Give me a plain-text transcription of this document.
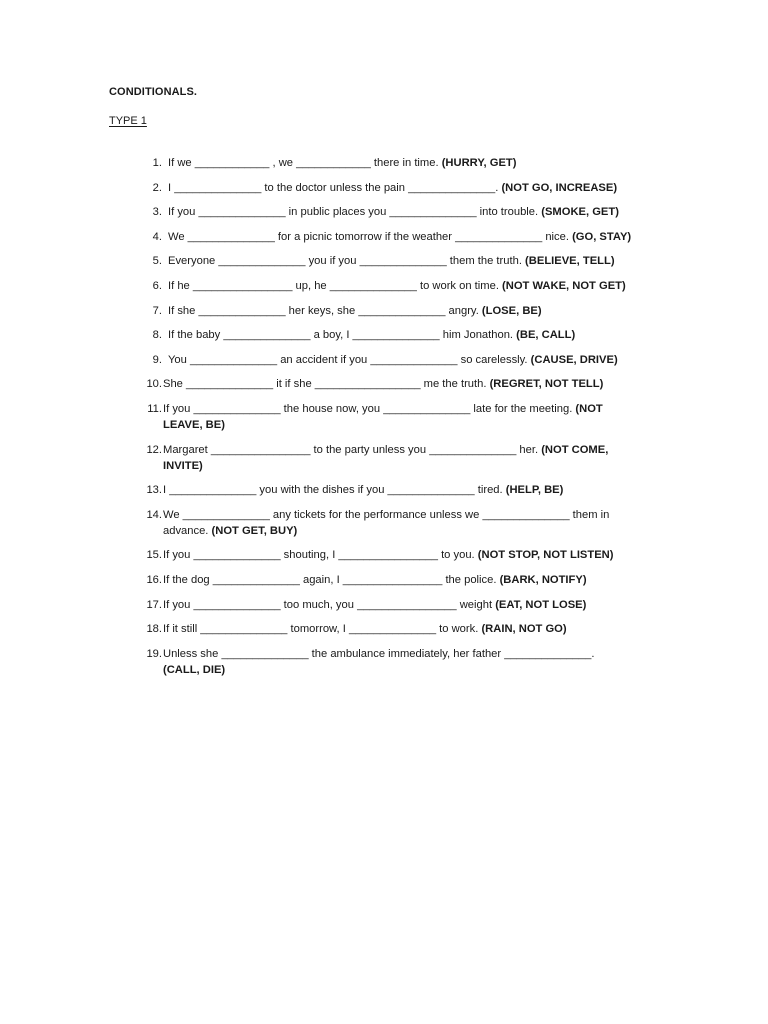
CONDITIONALS.
TYPE 1
1. If we ____________ , we ____________ there in time. (HURRY, GET)
2. I ______________ to the doctor unless the pain ______________. (NOT GO, INCREASE)
3. If you ______________ in public places you ______________ into trouble. (SMOKE, GET)
4. We ______________ for a picnic tomorrow if the weather ______________ nice. (GO, STAY)
5. Everyone ______________ you if you ______________ them the truth. (BELIEVE, TELL)
6. If he ________________ up, he ______________ to work on time. (NOT WAKE, NOT GET)
7. If she ______________ her keys, she ______________ angry. (LOSE, BE)
8. If the baby ______________ a boy, I ______________ him Jonathon. (BE, CALL)
9. You ______________ an accident if you ______________ so carelessly. (CAUSE, DRIVE)
10. She ______________ it if she _________________ me the truth. (REGRET, NOT TELL)
11. If you ______________ the house now, you ______________ late for the meeting. (NOT LEAVE, BE)
12. Margaret ________________ to the party unless you ______________ her. (NOT COME, INVITE)
13. I ______________ you with the dishes if you ______________ tired. (HELP, BE)
14. We ______________ any tickets for the performance unless we ______________ them in advance. (NOT GET, BUY)
15. If you ______________ shouting, I ________________ to you. (NOT STOP, NOT LISTEN)
16. If the dog ______________ again, I ________________ the police. (BARK, NOTIFY)
17. If you ______________ too much, you ________________ weight (EAT, NOT LOSE)
18. If it still ______________ tomorrow, I ______________ to work. (RAIN, NOT GO)
19. Unless she ______________ the ambulance immediately, her father ______________. (CALL, DIE)
